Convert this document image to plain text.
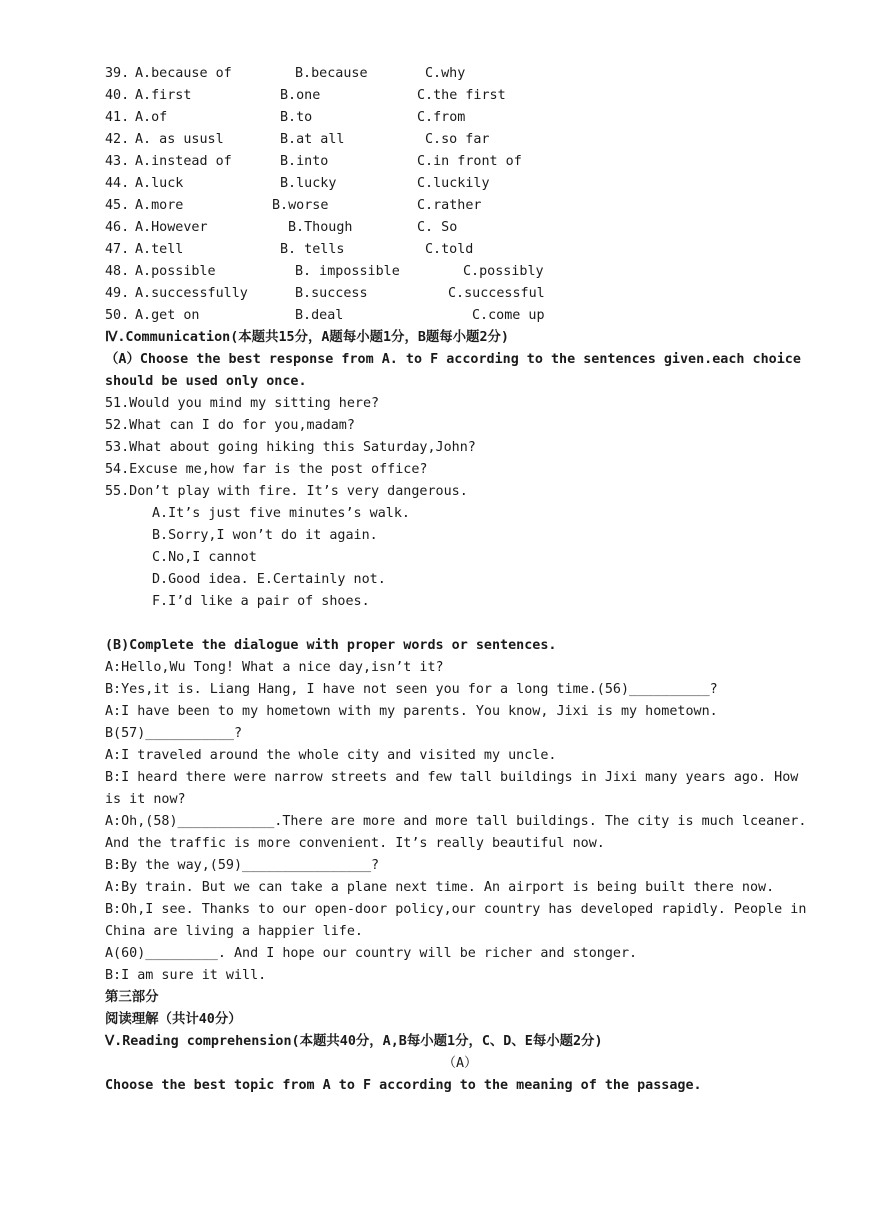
39. A.because of	B.because	C.why
40. A.first	B.one	C.the first
41. A.of	B.to	C.from
42. A. as ususl	B.at all	C.so far
43. A.instead of	B.into	C.in front of
44. A.luck	B.lucky	C.luckily
45. A.more	B.worse	C.rather
46. A.However	B.Though	C. So
47. A.tell	B. tells	C.told
48. A.possible	B. impossible	C.possibly
49. A.successfully	B.success	C.successful
50. A.get on	B.deal	C.come up
Ⅳ.Communication(本题共15分，A题每小题1分，B题每小题2分)
（A）Choose the best response from A. to F according to the sentences given.each choice should be used only once.
51.Would you mind my sitting here?
52.What can I do for you,madam?
53.What about going hiking this Saturday,John?
54.Excuse me,how far is the post office?
55.Don’t play with fire. It’s very dangerous.
A.It’s just five minutes’s walk.
B.Sorry,I won’t do it again.
C.No,I cannot
D.Good idea. E.Certainly not.
F.I’d like a pair of shoes.
(B)Complete the dialogue with proper words or sentences.
A:Hello,Wu Tong! What a nice day,isn’t it?
B:Yes,it is. Liang Hang, I have not seen you for a long time.(56)__________?
A:I have been to my hometown with my parents. You know, Jixi is my hometown.
B(57)___________?
A:I traveled around the whole city and visited my uncle.
B:I heard there were narrow streets and few tall buildings in Jixi many years ago. How is it now?
A:Oh,(58)____________.There are more and more tall buildings. The city is much lceaner. And the traffic is more convenient. It’s really beautiful now.
B:By the way,(59)________________?
A:By train. But we can take a plane next time. An airport is being built there now.
B:Oh,I see. Thanks to our open-door policy,our country has developed rapidly. People in China are living a happier life.
A(60)_________. And I hope our country will be richer and stonger.
B:I am sure it will.
第三部分
阅读理解（共计40分）
Ⅴ.Reading comprehension(本题共40分，A,B每小题1分，C、D、E每小题2分)
（A）
Choose the best topic from A to F according to the meaning of the passage.
